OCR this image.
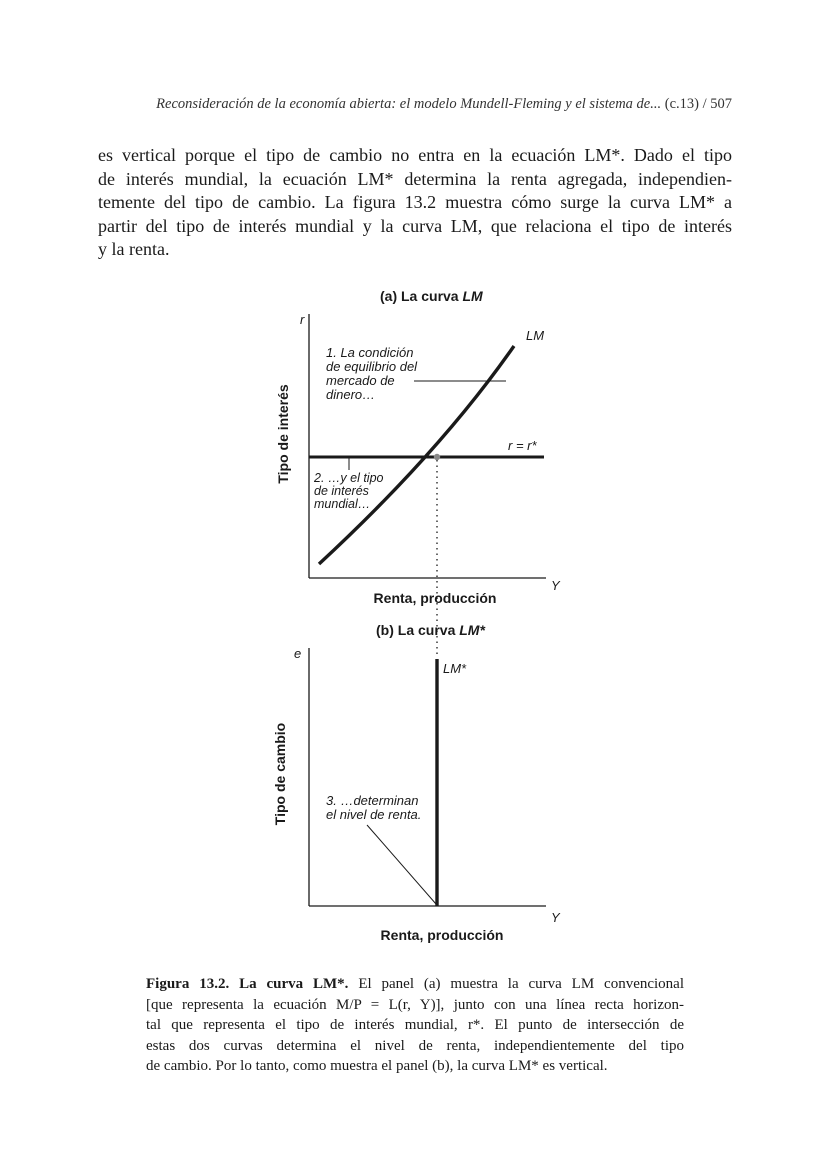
Reconsideración de la economía abierta: el modelo Mundell-Fleming y el sistema de... (c.13) / 507

es vertical porque el tipo de cambio no entra en la ecuación LM*. Dado el tipo
de interés mundial, la ecuación LM* determina la renta agregada, independien-
temente del tipo de cambio. La figura 13.2 muestra cómo surge la curva LM* a
partir del tipo de interés mundial y la curva LM, que relaciona el tipo de interés
y la renta.

(a) La curva LM
(b) La curva LM*
r
Y
Tipo de interés
Renta, producción
LM
r = r*
1. La condición
de equilibrio del
mercado de
dinero…
2. …y el tipo
de interés
mundial…
e
Y
Tipo de cambio
Renta, producción
LM*
3. …determinan
el nivel de renta.

Figura 13.2. La curva LM*. El panel (a) muestra la curva LM convencional
[que representa la ecuación M/P = L(r, Y)], junto con una línea recta horizon-
tal que representa el tipo de interés mundial, r*. El punto de intersección de
estas dos curvas determina el nivel de renta, independientemente del tipo
de cambio. Por lo tanto, como muestra el panel (b), la curva LM* es vertical.
